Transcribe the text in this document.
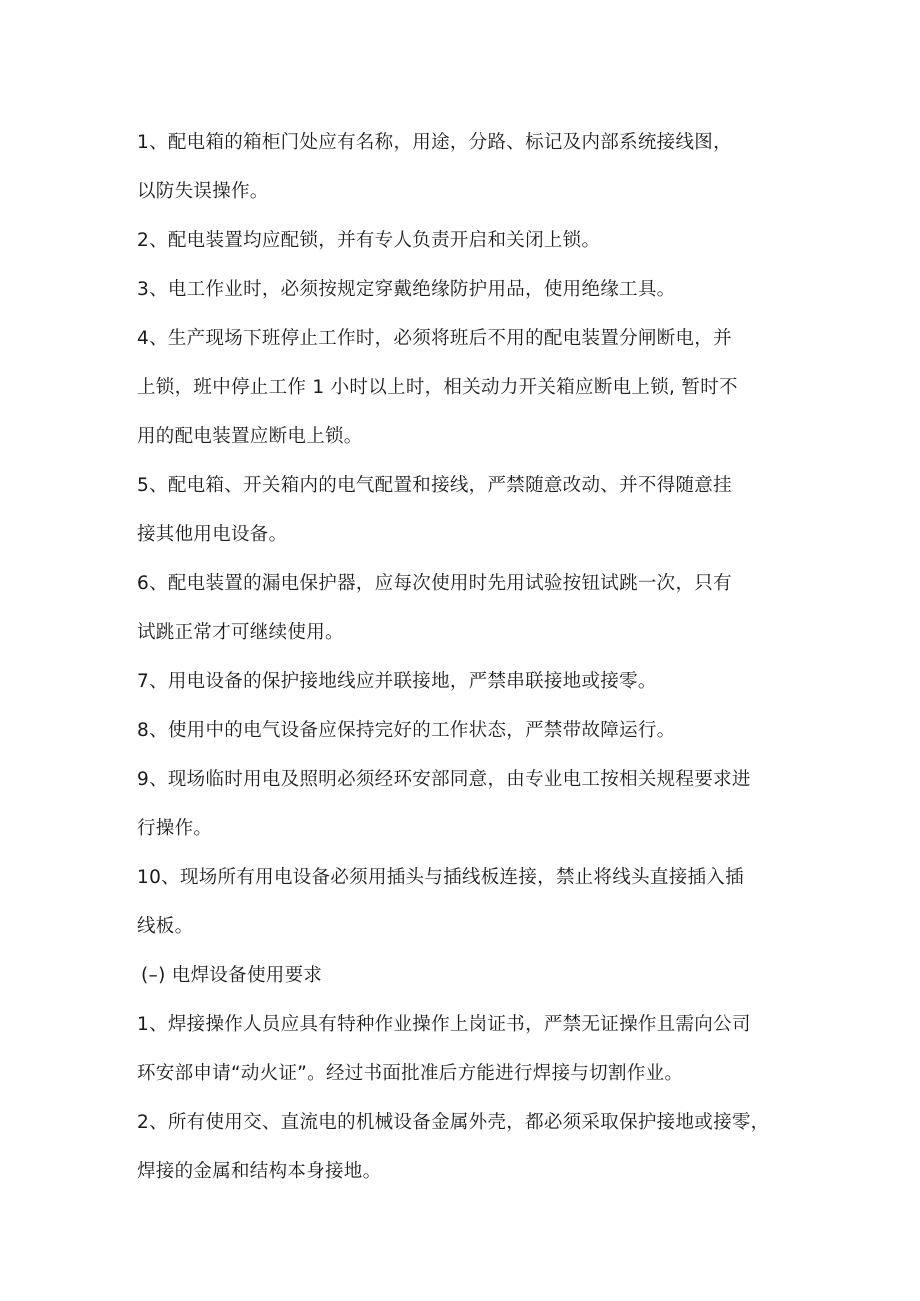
1、配电箱的箱柜门处应有名称，用途，分路、标记及内部系统接线图，
以防失误操作。

2、配电装置均应配锁，并有专人负责开启和关闭上锁。

3、电工作业时，必须按规定穿戴绝缘防护用品，使用绝缘工具。

4、生产现场下班停止工作时，必须将班后不用的配电装置分闸断电，并
上锁，班中停止工作 1 小时以上时，相关动力开关箱应断电上锁, 暂时不
用的配电装置应断电上锁。

5、配电箱、开关箱内的电气配置和接线，严禁随意改动、并不得随意挂
接其他用电设备。

6、配电装置的漏电保护器，应每次使用时先用试验按钮试跳一次，只有
试跳正常才可继续使用。

7、用电设备的保护接地线应并联接地，严禁串联接地或接零。

8、使用中的电气设备应保持完好的工作状态，严禁带故障运行。

9、现场临时用电及照明必须经环安部同意，由专业电工按相关规程要求进
行操作。

10、现场所有用电设备必须用插头与插线板连接，禁止将线头直接插入插
线板。

(–) 电焊设备使用要求

1、焊接操作人员应具有特种作业操作上岗证书，严禁无证操作且需向公司
环安部申请“动火证”。经过书面批准后方能进行焊接与切割作业。

2、所有使用交、直流电的机械设备金属外壳，都必须采取保护接地或接零，
焊接的金属和结构本身接地。
